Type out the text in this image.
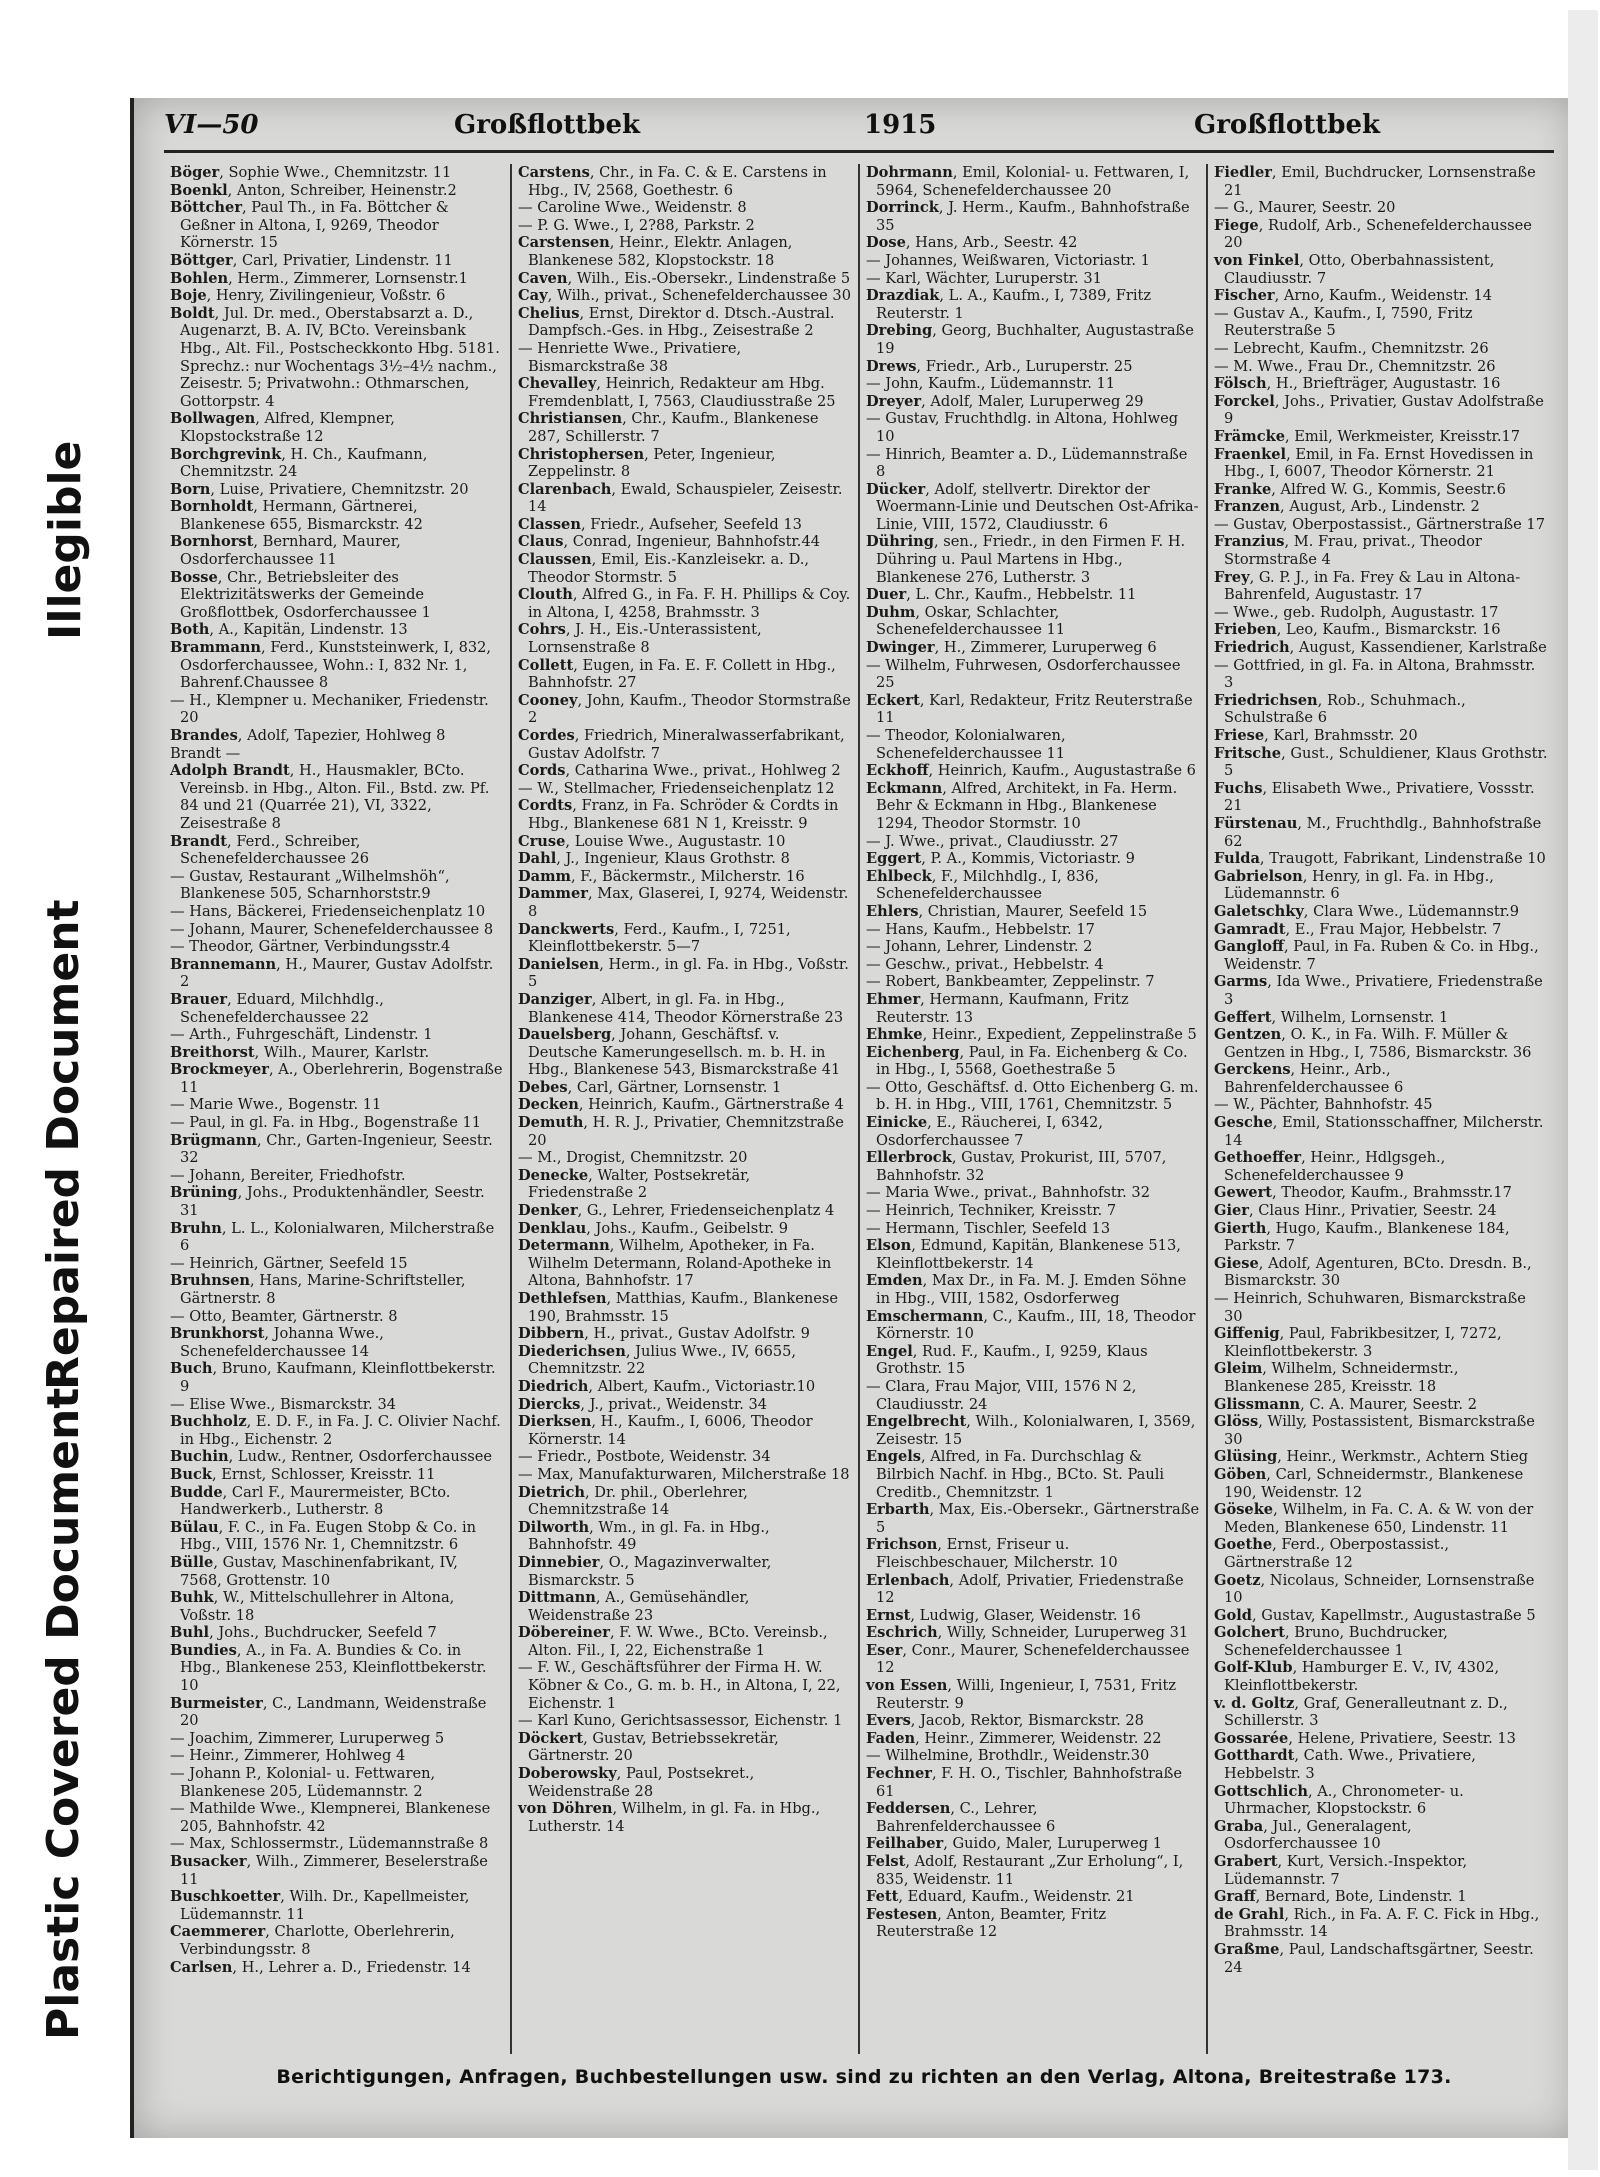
Illegible
Repaired Document
Plastic Covered Document
VI—50	Großflottbek	1915	Großflottbek

Böger, Sophie Wwe., Chemnitzstr. 11

Boenkl, Anton, Schreiber, Heinenstr.2

Böttcher, Paul Th., in Fa. Böttcher & Geßner in Altona, I, 9269, Theodor Körnerstr. 15

Böttger, Carl, Privatier, Lindenstr. 11

Bohlen, Herm., Zimmerer, Lornsenstr.1

Boje, Henry, Zivilingenieur, Voßstr. 6

Boldt, Jul. Dr. med., Oberstabsarzt a. D., Augenarzt, B. A. IV, BCto. Vereinsbank Hbg., Alt. Fil., Postscheckkonto Hbg. 5181. Sprechz.: nur Wochentags 3½–4½ nachm., Zeisestr. 5; Privatwohn.: Othmarschen, Gottorpstr. 4

Bollwagen, Alfred, Klempner, Klopstockstraße 12

Borchgrevink, H. Ch., Kaufmann, Chemnitzstr. 24

Born, Luise, Privatiere, Chemnitzstr. 20

Bornholdt, Hermann, Gärtnerei, Blankenese 655, Bismarckstr. 42

Bornhorst, Bernhard, Maurer, Osdorferchaussee 11

Bosse, Chr., Betriebsleiter des Elektrizitätswerks der Gemeinde Großflottbek, Osdorferchaussee 1

Both, A., Kapitän, Lindenstr. 13

Brammann, Ferd., Kunststeinwerk, I, 832, Osdorferchaussee, Wohn.: I, 832 Nr. 1, Bahrenf.Chaussee 8

— H., Klempner u. Mechaniker, Friedenstr. 20

Brandes, Adolf, Tapezier, Hohlweg 8

Brandt —

Adolph Brandt, H., Hausmakler, BCto. Vereinsb. in Hbg., Alton. Fil., Bstd. zw. Pf. 84 und 21 (Quarrée 21), VI, 3322, Zeisestraße 8

Brandt, Ferd., Schreiber, Schenefelderchaussee 26

— Gustav, Restaurant „Wilhelmshöh“, Blankenese 505, Scharnhorststr.9

— Hans, Bäckerei, Friedenseichenplatz 10

— Johann, Maurer, Schenefelderchaussee 8

— Theodor, Gärtner, Verbindungsstr.4

Brannemann, H., Maurer, Gustav Adolfstr. 2

Brauer, Eduard, Milchhdlg., Schenefelderchaussee 22

— Arth., Fuhrgeschäft, Lindenstr. 1

Breithorst, Wilh., Maurer, Karlstr.

Brockmeyer, A., Oberlehrerin, Bogenstraße 11

— Marie Wwe., Bogenstr. 11

— Paul, in gl. Fa. in Hbg., Bogenstraße 11

Brügmann, Chr., Garten-Ingenieur, Seestr. 32

— Johann, Bereiter, Friedhofstr.

Brüning, Johs., Produktenhändler, Seestr. 31

Bruhn, L. L., Kolonialwaren, Milcherstraße 6

— Heinrich, Gärtner, Seefeld 15

Bruhnsen, Hans, Marine-Schriftsteller, Gärtnerstr. 8

— Otto, Beamter, Gärtnerstr. 8

Brunkhorst, Johanna Wwe., Schenefelderchaussee 14

Buch, Bruno, Kaufmann, Kleinflottbekerstr. 9

— Elise Wwe., Bismarckstr. 34

Buchholz, E. D. F., in Fa. J. C. Olivier Nachf. in Hbg., Eichenstr. 2

Buchin, Ludw., Rentner, Osdorferchaussee

Buck, Ernst, Schlosser, Kreisstr. 11

Budde, Carl F., Maurermeister, BCto. Handwerkerb., Lutherstr. 8

Bülau, F. C., in Fa. Eugen Stobp & Co. in Hbg., VIII, 1576 Nr. 1, Chemnitzstr. 6

Bülle, Gustav, Maschinenfabrikant, IV, 7568, Grottenstr. 10

Buhk, W., Mittelschullehrer in Altona, Voßstr. 18

Buhl, Johs., Buchdrucker, Seefeld 7

Bundies, A., in Fa. A. Bundies & Co. in Hbg., Blankenese 253, Kleinflottbekerstr. 10

Burmeister, C., Landmann, Weidenstraße 20

— Joachim, Zimmerer, Luruperweg 5

— Heinr., Zimmerer, Hohlweg 4

— Johann P., Kolonial- u. Fettwaren, Blankenese 205, Lüdemannstr. 2

— Mathilde Wwe., Klempnerei, Blankenese 205, Bahnhofstr. 42

— Max, Schlossermstr., Lüdemannstraße 8

Busacker, Wilh., Zimmerer, Beselerstraße 11

Buschkoetter, Wilh. Dr., Kapellmeister, Lüdemannstr. 11

Caemmerer, Charlotte, Oberlehrerin, Verbindungsstr. 8

Carlsen, H., Lehrer a. D., Friedenstr. 14

Carstens, Chr., in Fa. C. & E. Carstens in Hbg., IV, 2568, Goethestr. 6

— Caroline Wwe., Weidenstr. 8

— P. G. Wwe., I, 2?88, Parkstr. 2

Carstensen, Heinr., Elektr. Anlagen, Blankenese 582, Klopstockstr. 18

Caven, Wilh., Eis.-Obersekr., Lindenstraße 5

Cay, Wilh., privat., Schenefelderchaussee 30

Chelius, Ernst, Direktor d. Dtsch.-Austral. Dampfsch.-Ges. in Hbg., Zeisestraße 2

— Henriette Wwe., Privatiere, Bismarckstraße 38

Chevalley, Heinrich, Redakteur am Hbg. Fremdenblatt, I, 7563, Claudiusstraße 25

Christiansen, Chr., Kaufm., Blankenese 287, Schillerstr. 7

Christophersen, Peter, Ingenieur, Zeppelinstr. 8

Clarenbach, Ewald, Schauspieler, Zeisestr. 14

Classen, Friedr., Aufseher, Seefeld 13

Claus, Conrad, Ingenieur, Bahnhofstr.44

Claussen, Emil, Eis.-Kanzleisekr. a. D., Theodor Stormstr. 5

Clouth, Alfred G., in Fa. F. H. Phillips & Coy. in Altona, I, 4258, Brahmsstr. 3

Cohrs, J. H., Eis.-Unterassistent, Lornsenstraße 8

Collett, Eugen, in Fa. E. F. Collett in Hbg., Bahnhofstr. 27

Cooney, John, Kaufm., Theodor Stormstraße 2

Cordes, Friedrich, Mineralwasserfabrikant, Gustav Adolfstr. 7

Cords, Catharina Wwe., privat., Hohlweg 2

— W., Stellmacher, Friedenseichenplatz 12

Cordts, Franz, in Fa. Schröder & Cordts in Hbg., Blankenese 681 N 1, Kreisstr. 9

Cruse, Louise Wwe., Augustastr. 10

Dahl, J., Ingenieur, Klaus Grothstr. 8

Damm, F., Bäckermstr., Milcherstr. 16

Dammer, Max, Glaserei, I, 9274, Weidenstr. 8

Danckwerts, Ferd., Kaufm., I, 7251, Kleinflottbekerstr. 5—7

Danielsen, Herm., in gl. Fa. in Hbg., Voßstr. 5

Danziger, Albert, in gl. Fa. in Hbg., Blankenese 414, Theodor Körnerstraße 23

Dauelsberg, Johann, Geschäftsf. v. Deutsche Kamerungesellsch. m. b. H. in Hbg., Blankenese 543, Bismarckstraße 41

Debes, Carl, Gärtner, Lornsenstr. 1

Decken, Heinrich, Kaufm., Gärtnerstraße 4

Demuth, H. R. J., Privatier, Chemnitzstraße 20

— M., Drogist, Chemnitzstr. 20

Denecke, Walter, Postsekretär, Friedenstraße 2

Denker, G., Lehrer, Friedenseichenplatz 4

Denklau, Johs., Kaufm., Geibelstr. 9

Determann, Wilhelm, Apotheker, in Fa. Wilhelm Determann, Roland-Apotheke in Altona, Bahnhofstr. 17

Dethlefsen, Matthias, Kaufm., Blankenese 190, Brahmsstr. 15

Dibbern, H., privat., Gustav Adolfstr. 9

Diederichsen, Julius Wwe., IV, 6655, Chemnitzstr. 22

Diedrich, Albert, Kaufm., Victoriastr.10

Diercks, J., privat., Weidenstr. 34

Dierksen, H., Kaufm., I, 6006, Theodor Körnerstr. 14

— Friedr., Postbote, Weidenstr. 34

— Max, Manufakturwaren, Milcherstraße 18

Dietrich, Dr. phil., Oberlehrer, Chemnitzstraße 14

Dilworth, Wm., in gl. Fa. in Hbg., Bahnhofstr. 49

Dinnebier, O., Magazinverwalter, Bismarckstr. 5

Dittmann, A., Gemüsehändler, Weidenstraße 23

Döbereiner, F. W. Wwe., BCto. Vereinsb., Alton. Fil., I, 22, Eichenstraße 1

— F. W., Geschäftsführer der Firma H. W. Köbner & Co., G. m. b. H., in Altona, I, 22, Eichenstr. 1

— Karl Kuno, Gerichtsassessor, Eichenstr. 1

Döckert, Gustav, Betriebssekretär, Gärtnerstr. 20

Doberowsky, Paul, Postsekret., Weidenstraße 28

von Döhren, Wilhelm, in gl. Fa. in Hbg., Lutherstr. 14

Dohrmann, Emil, Kolonial- u. Fettwaren, I, 5964, Schenefelderchaussee 20

Dorrinck, J. Herm., Kaufm., Bahnhofstraße 35

Dose, Hans, Arb., Seestr. 42

— Johannes, Weißwaren, Victoriastr. 1

— Karl, Wächter, Luruperstr. 31

Drazdiak, L. A., Kaufm., I, 7389, Fritz Reuterstr. 1

Drebing, Georg, Buchhalter, Augustastraße 19

Drews, Friedr., Arb., Luruperstr. 25

— John, Kaufm., Lüdemannstr. 11

Dreyer, Adolf, Maler, Luruperweg 29

— Gustav, Fruchthdlg. in Altona, Hohlweg 10

— Hinrich, Beamter a. D., Lüdemannstraße 8

Dücker, Adolf, stellvertr. Direktor der Woermann-Linie und Deutschen Ost-Afrika-Linie, VIII, 1572, Claudiusstr. 6

Dühring, sen., Friedr., in den Firmen F. H. Dühring u. Paul Martens in Hbg., Blankenese 276, Lutherstr. 3

Duer, L. Chr., Kaufm., Hebbelstr. 11

Duhm, Oskar, Schlachter, Schenefelderchaussee 11

Dwinger, H., Zimmerer, Luruperweg 6

— Wilhelm, Fuhrwesen, Osdorferchaussee 25

Eckert, Karl, Redakteur, Fritz Reuterstraße 11

— Theodor, Kolonialwaren, Schenefelderchaussee 11

Eckhoff, Heinrich, Kaufm., Augustastraße 6

Eckmann, Alfred, Architekt, in Fa. Herm. Behr & Eckmann in Hbg., Blankenese 1294, Theodor Stormstr. 10

— J. Wwe., privat., Claudiusstr. 27

Eggert, P. A., Kommis, Victoriastr. 9

Ehlbeck, F., Milchhdlg., I, 836, Schenefelderchaussee

Ehlers, Christian, Maurer, Seefeld 15

— Hans, Kaufm., Hebbelstr. 17

— Johann, Lehrer, Lindenstr. 2

— Geschw., privat., Hebbelstr. 4

— Robert, Bankbeamter, Zeppelinstr. 7

Ehmer, Hermann, Kaufmann, Fritz Reuterstr. 13

Ehmke, Heinr., Expedient, Zeppelinstraße 5

Eichenberg, Paul, in Fa. Eichenberg & Co. in Hbg., I, 5568, Goethestraße 5

— Otto, Geschäftsf. d. Otto Eichenberg G. m. b. H. in Hbg., VIII, 1761, Chemnitzstr. 5

Einicke, E., Räucherei, I, 6342, Osdorferchaussee 7

Ellerbrock, Gustav, Prokurist, III, 5707, Bahnhofstr. 32

— Maria Wwe., privat., Bahnhofstr. 32

— Heinrich, Techniker, Kreisstr. 7

— Hermann, Tischler, Seefeld 13

Elson, Edmund, Kapitän, Blankenese 513, Kleinflottbekerstr. 14

Emden, Max Dr., in Fa. M. J. Emden Söhne in Hbg., VIII, 1582, Osdorferweg

Emschermann, C., Kaufm., III, 18, Theodor Körnerstr. 10

Engel, Rud. F., Kaufm., I, 9259, Klaus Grothstr. 15

— Clara, Frau Major, VIII, 1576 N 2, Claudiusstr. 24

Engelbrecht, Wilh., Kolonialwaren, I, 3569, Zeisestr. 15

Engels, Alfred, in Fa. Durchschlag & Bilrbich Nachf. in Hbg., BCto. St. Pauli Creditb., Chemnitzstr. 1

Erbarth, Max, Eis.-Obersekr., Gärtnerstraße 5

Frichson, Ernst, Friseur u. Fleischbeschauer, Milcherstr. 10

Erlenbach, Adolf, Privatier, Friedenstraße 12

Ernst, Ludwig, Glaser, Weidenstr. 16

Eschrich, Willy, Schneider, Luruperweg 31

Eser, Conr., Maurer, Schenefelderchaussee 12

von Essen, Willi, Ingenieur, I, 7531, Fritz Reuterstr. 9

Evers, Jacob, Rektor, Bismarckstr. 28

Faden, Heinr., Zimmerer, Weidenstr. 22

— Wilhelmine, Brothdlr., Weidenstr.30

Fechner, F. H. O., Tischler, Bahnhofstraße 61

Feddersen, C., Lehrer, Bahrenfelderchaussee 6

Feilhaber, Guido, Maler, Luruperweg 1

Felst, Adolf, Restaurant „Zur Erholung“, I, 835, Weidenstr. 11

Fett, Eduard, Kaufm., Weidenstr. 21

Festesen, Anton, Beamter, Fritz Reuterstraße 12

Fiedler, Emil, Buchdrucker, Lornsenstraße 21

— G., Maurer, Seestr. 20

Fiege, Rudolf, Arb., Schenefelderchaussee 20

von Finkel, Otto, Oberbahnassistent, Claudiusstr. 7

Fischer, Arno, Kaufm., Weidenstr. 14

— Gustav A., Kaufm., I, 7590, Fritz Reuterstraße 5

— Lebrecht, Kaufm., Chemnitzstr. 26

— M. Wwe., Frau Dr., Chemnitzstr. 26

Fölsch, H., Briefträger, Augustastr. 16

Forckel, Johs., Privatier, Gustav Adolfstraße 9

Främcke, Emil, Werkmeister, Kreisstr.17

Fraenkel, Emil, in Fa. Ernst Hovedissen in Hbg., I, 6007, Theodor Körnerstr. 21

Franke, Alfred W. G., Kommis, Seestr.6

Franzen, August, Arb., Lindenstr. 2

— Gustav, Oberpostassist., Gärtnerstraße 17

Franzius, M. Frau, privat., Theodor Stormstraße 4

Frey, G. P. J., in Fa. Frey & Lau in Altona-Bahrenfeld, Augustastr. 17

— Wwe., geb. Rudolph, Augustastr. 17

Frieben, Leo, Kaufm., Bismarckstr. 16

Friedrich, August, Kassendiener, Karlstraße

— Gottfried, in gl. Fa. in Altona, Brahmsstr. 3

Friedrichsen, Rob., Schuhmach., Schulstraße 6

Friese, Karl, Brahmsstr. 20

Fritsche, Gust., Schuldiener, Klaus Grothstr. 5

Fuchs, Elisabeth Wwe., Privatiere, Vossstr. 21

Fürstenau, M., Fruchthdlg., Bahnhofstraße 62

Fulda, Traugott, Fabrikant, Lindenstraße 10

Gabrielson, Henry, in gl. Fa. in Hbg., Lüdemannstr. 6

Galetschky, Clara Wwe., Lüdemannstr.9

Gamradt, E., Frau Major, Hebbelstr. 7

Gangloff, Paul, in Fa. Ruben & Co. in Hbg., Weidenstr. 7

Garms, Ida Wwe., Privatiere, Friedenstraße 3

Geffert, Wilhelm, Lornsenstr. 1

Gentzen, O. K., in Fa. Wilh. F. Müller & Gentzen in Hbg., I, 7586, Bismarckstr. 36

Gerckens, Heinr., Arb., Bahrenfelderchaussee 6

— W., Pächter, Bahnhofstr. 45

Gesche, Emil, Stationsschaffner, Milcherstr. 14

Gethoeffer, Heinr., Hdlgsgeh., Schenefelderchaussee 9

Gewert, Theodor, Kaufm., Brahmsstr.17

Gier, Claus Hinr., Privatier, Seestr. 24

Gierth, Hugo, Kaufm., Blankenese 184, Parkstr. 7

Giese, Adolf, Agenturen, BCto. Dresdn. B., Bismarckstr. 30

— Heinrich, Schuhwaren, Bismarckstraße 30

Giffenig, Paul, Fabrikbesitzer, I, 7272, Kleinflottbekerstr. 3

Gleim, Wilhelm, Schneidermstr., Blankenese 285, Kreisstr. 18

Glissmann, C. A. Maurer, Seestr. 2

Glöss, Willy, Postassistent, Bismarckstraße 30

Glüsing, Heinr., Werkmstr., Achtern Stieg

Göben, Carl, Schneidermstr., Blankenese 190, Weidenstr. 12

Göseke, Wilhelm, in Fa. C. A. & W. von der Meden, Blankenese 650, Lindenstr. 11

Goethe, Ferd., Oberpostassist., Gärtnerstraße 12

Goetz, Nicolaus, Schneider, Lornsenstraße 10

Gold, Gustav, Kapellmstr., Augustastraße 5

Golchert, Bruno, Buchdrucker, Schenefelderchaussee 1

Golf-Klub, Hamburger E. V., IV, 4302, Kleinflottbekerstr.

v. d. Goltz, Graf, Generalleutnant z. D., Schillerstr. 3

Gossarée, Helene, Privatiere, Seestr. 13

Gotthardt, Cath. Wwe., Privatiere, Hebbelstr. 3

Gottschlich, A., Chronometer- u. Uhrmacher, Klopstockstr. 6

Graba, Jul., Generalagent, Osdorferchaussee 10

Grabert, Kurt, Versich.-Inspektor, Lüdemannstr. 7

Graff, Bernard, Bote, Lindenstr. 1

de Grahl, Rich., in Fa. A. F. C. Fick in Hbg., Brahmsstr. 14

Graßme, Paul, Landschaftsgärtner, Seestr. 24

Berichtigungen, Anfragen, Buchbestellungen usw. sind zu richten an den Verlag, Altona, Breitestraße 173.
